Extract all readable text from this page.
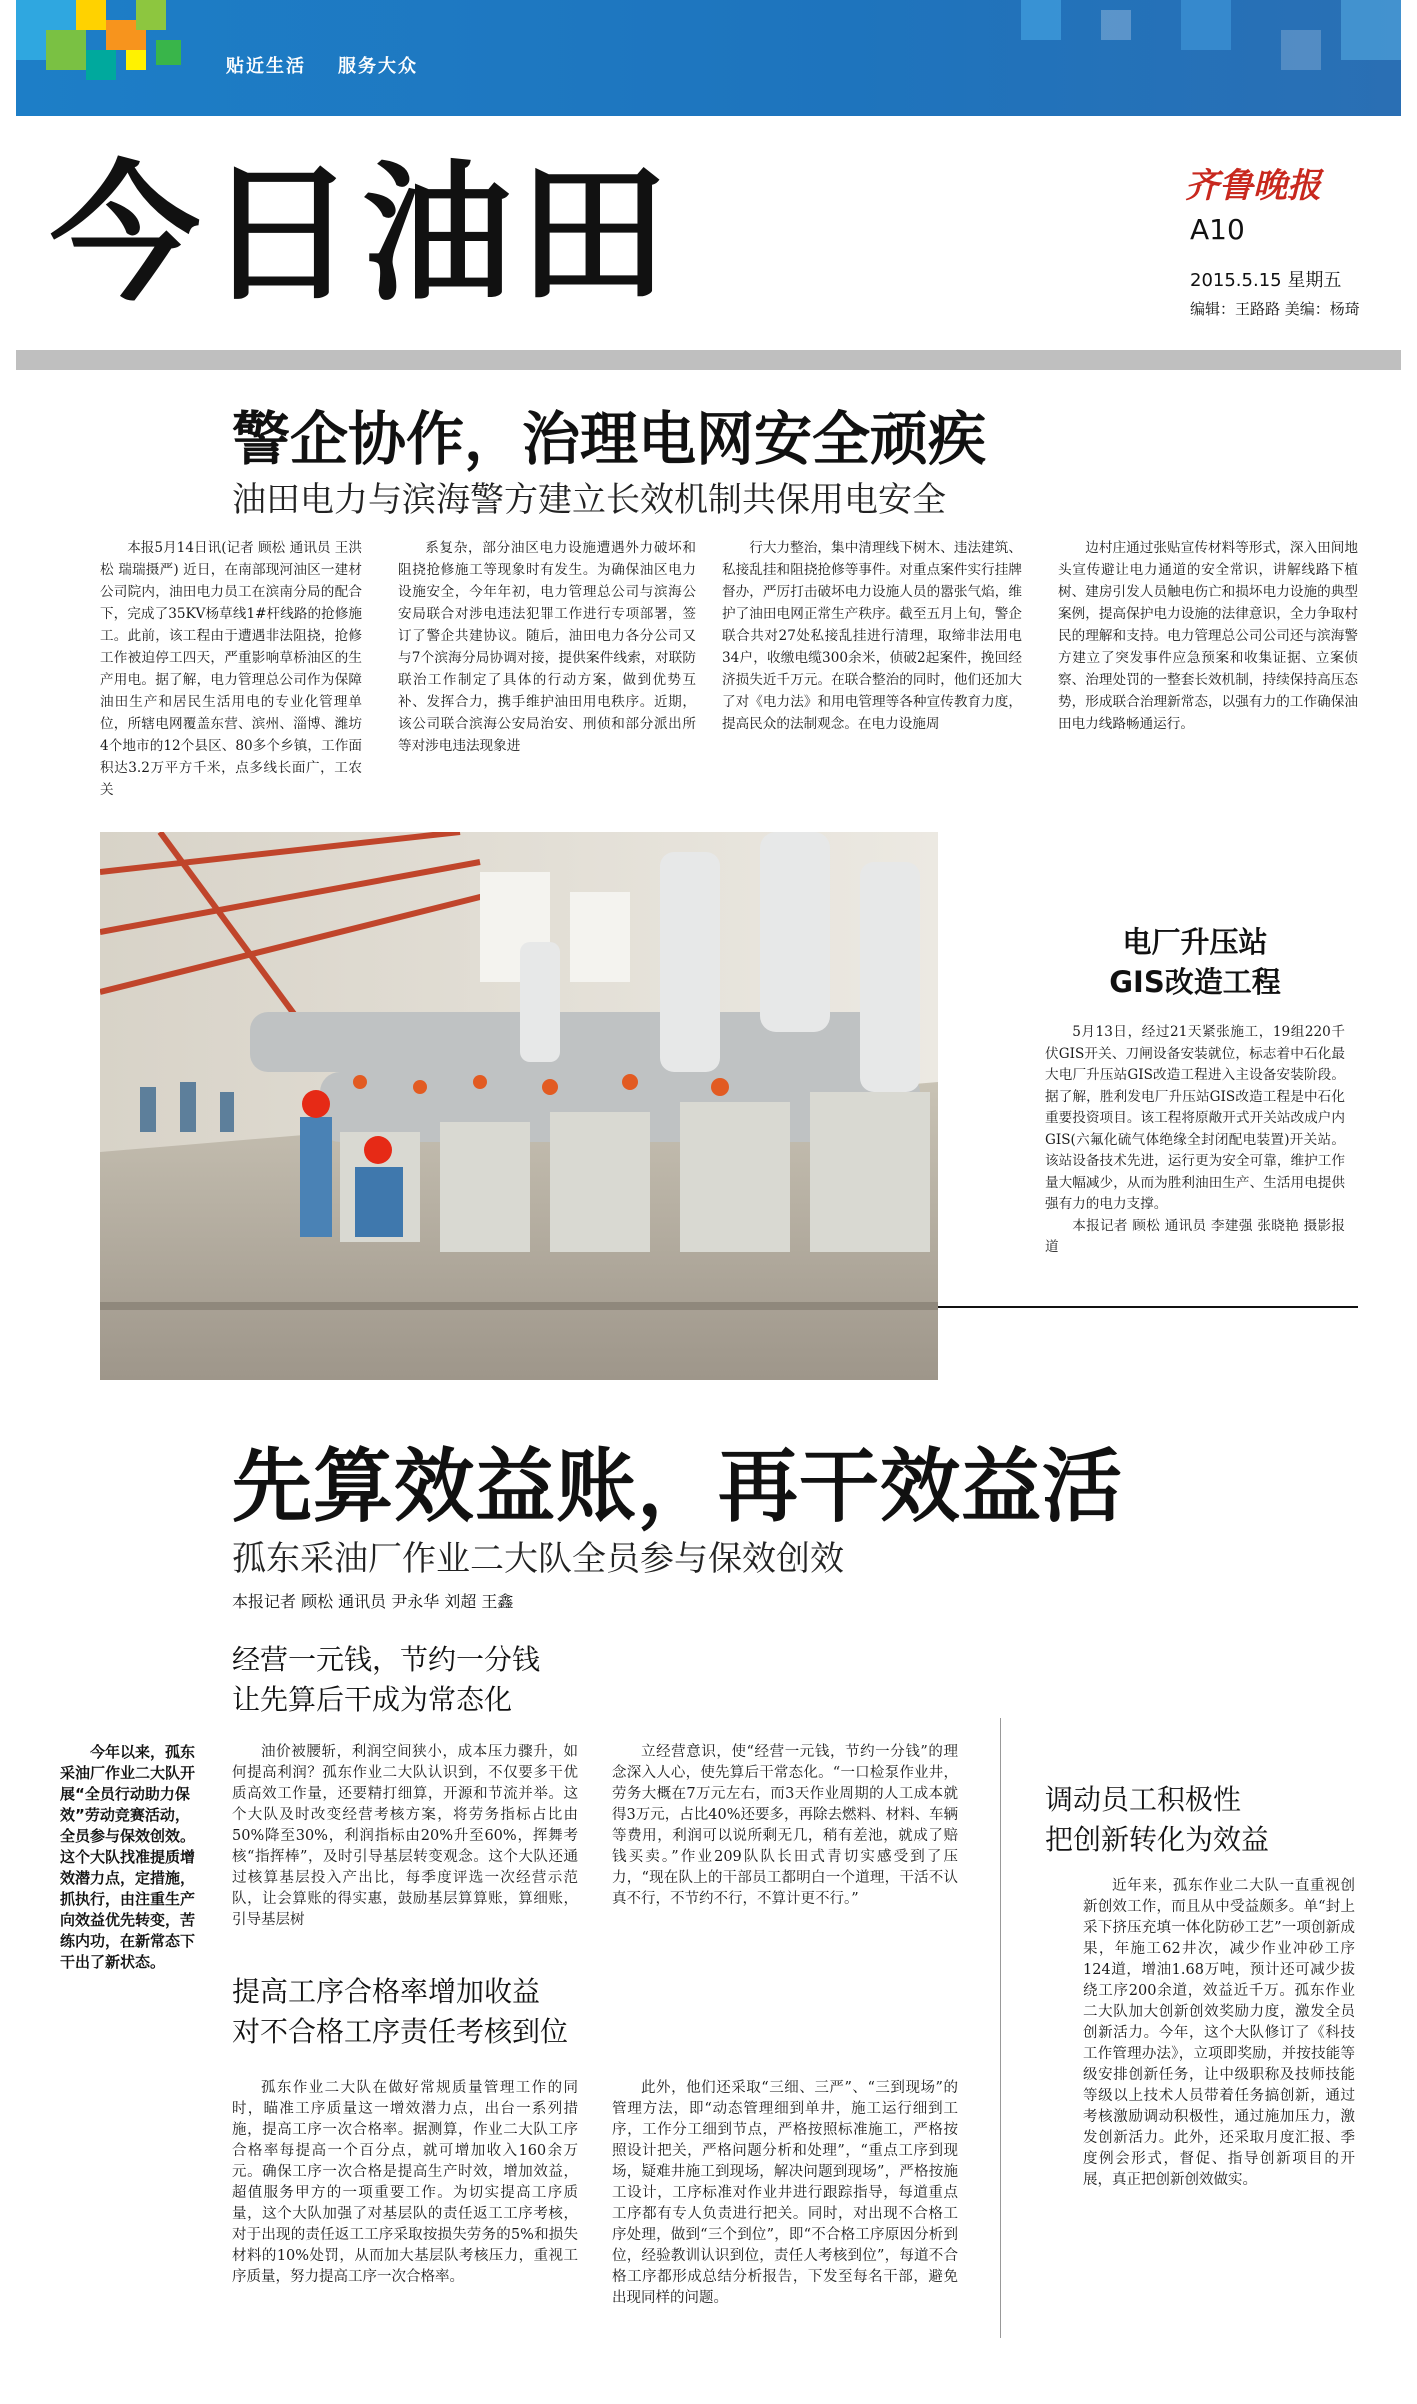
贴近生活 服务大众
今日油田	齐鲁晚报
A10
2015.5.15 星期五
编辑：王路路 美编：杨琦
警企协作，治理电网安全顽疾
油田电力与滨海警方建立长效机制共保用电安全

本报5月14日讯(记者 顾松 通讯员 王洪松 瑞瑞摄严) 近日，在南部现河油区一建材公司院内，油田电力员工在滨南分局的配合下，完成了35KV杨草线1#杆线路的抢修施工。此前，该工程由于遭遇非法阻挠，抢修工作被迫停工四天，严重影响草桥油区的生产用电。据了解，电力管理总公司作为保障油田生产和居民生活用电的专业化管理单位，所辖电网覆盖东营、滨州、淄博、潍坊4个地市的12个县区、80多个乡镇，工作面积达3.2万平方千米，点多线长面广，工农关

系复杂，部分油区电力设施遭遇外力破坏和阻挠抢修施工等现象时有发生。为确保油区电力设施安全，今年年初，电力管理总公司与滨海公安局联合对涉电违法犯罪工作进行专项部署，签订了警企共建协议。随后，油田电力各分公司又与7个滨海分局协调对接，提供案件线索，对联防联治工作制定了具体的行动方案，做到优势互补、发挥合力，携手维护油田用电秩序。近期，该公司联合滨海公安局治安、刑侦和部分派出所等对涉电违法现象进

行大力整治，集中清理线下树木、违法建筑、私接乱挂和阻挠抢修等事件。对重点案件实行挂牌督办，严厉打击破坏电力设施人员的嚣张气焰，维护了油田电网正常生产秩序。截至五月上旬，警企联合共对27处私接乱挂进行清理，取缔非法用电34户，收缴电缆300余米，侦破2起案件，挽回经济损失近千万元。在联合整治的同时，他们还加大了对《电力法》和用电管理等各种宣传教育力度，提高民众的法制观念。在电力设施周

边村庄通过张贴宣传材料等形式，深入田间地头宣传避让电力通道的安全常识，讲解线路下植树、建房引发人员触电伤亡和损坏电力设施的典型案例，提高保护电力设施的法律意识，全力争取村民的理解和支持。电力管理总公司公司还与滨海警方建立了突发事件应急预案和收集证据、立案侦察、治理处罚的一整套长效机制，持续保持高压态势，形成联合治理新常态，以强有力的工作确保油田电力线路畅通运行。

电厂升压站
GIS改造工程

5月13日，经过21天紧张施工，19组220千伏GIS开关、刀闸设备安装就位，标志着中石化最大电厂升压站GIS改造工程进入主设备安装阶段。据了解，胜利发电厂升压站GIS改造工程是中石化重要投资项目。该工程将原敞开式开关站改成户内GIS(六氟化硫气体绝缘全封闭配电装置)开关站。该站设备技术先进，运行更为安全可靠，维护工作量大幅减少，从而为胜利油田生产、生活用电提供强有力的电力支撑。

本报记者 顾松 通讯员 李建强 张晓艳 摄影报道

先算效益账，再干效益活
孤东采油厂作业二大队全员参与保效创效
本报记者 顾松 通讯员 尹永华 刘超 王鑫
经营一元钱，节约一分钱
让先算后干成为常态化

今年以来，孤东采油厂作业二大队开展“全员行动助力保效”劳动竞赛活动，全员参与保效创效。这个大队找准提质增效潜力点，定措施，抓执行，由注重生产向效益优先转变，苦练内功，在新常态下干出了新状态。

油价被腰斩，利润空间狭小，成本压力骤升，如何提高利润？孤东作业二大队认识到，不仅要多干优质高效工作量，还要精打细算，开源和节流并举。这个大队及时改变经营考核方案，将劳务指标占比由50%降至30%，利润指标由20%升至60%，挥舞考核“指挥棒”，及时引导基层转变观念。这个大队还通过核算基层投入产出比，每季度评选一次经营示范队，让会算账的得实惠，鼓励基层算算账，算细账，引导基层树

立经营意识，使“经营一元钱，节约一分钱”的理念深入人心，使先算后干常态化。“一口检泵作业井，劳务大概在7万元左右，而3天作业周期的人工成本就得3万元，占比40%还要多，再除去燃料、材料、车辆等费用，利润可以说所剩无几，稍有差池，就成了赔钱买卖。”作业209队队长田式青切实感受到了压力，“现在队上的干部员工都明白一个道理，干活不认真不行，不节约不行，不算计更不行。”

提高工序合格率增加收益
对不合格工序责任考核到位

孤东作业二大队在做好常规质量管理工作的同时，瞄准工序质量这一增效潜力点，出台一系列措施，提高工序一次合格率。据测算，作业二大队工序合格率每提高一个百分点，就可增加收入160余万元。确保工序一次合格是提高生产时效，增加效益，超值服务甲方的一项重要工作。为切实提高工序质量，这个大队加强了对基层队的责任返工工序考核，对于出现的责任返工工序采取按损失劳务的5%和损失材料的10%处罚，从而加大基层队考核压力，重视工序质量，努力提高工序一次合格率。

此外，他们还采取“三细、三严”、“三到现场”的管理方法，即“动态管理细到单井，施工运行细到工序，工作分工细到节点，严格按照标准施工，严格按照设计把关，严格问题分析和处理”，“重点工序到现场，疑难井施工到现场，解决问题到现场”，严格按施工设计，工序标准对作业井进行跟踪指导，每道重点工序都有专人负责进行把关。同时，对出现不合格工序处理，做到“三个到位”，即“不合格工序原因分析到位，经验教训认识到位，责任人考核到位”，每道不合格工序都形成总结分析报告，下发至每名干部，避免出现同样的问题。

调动员工积极性
把创新转化为效益

近年来，孤东作业二大队一直重视创新创效工作，而且从中受益颇多。单“封上采下挤压充填一体化防砂工艺”一项创新成果，年施工62井次，减少作业冲砂工序124道，增油1.68万吨，预计还可减少拔绕工序200余道，效益近千万。孤东作业二大队加大创新创效奖励力度，激发全员创新活力。今年，这个大队修订了《科技工作管理办法》，立项即奖励，并按技能等级安排创新任务，让中级职称及技师技能等级以上技术人员带着任务搞创新，通过考核激励调动积极性，通过施加压力，激发创新活力。此外，还采取月度汇报、季度例会形式，督促、指导创新项目的开展，真正把创新创效做实。
